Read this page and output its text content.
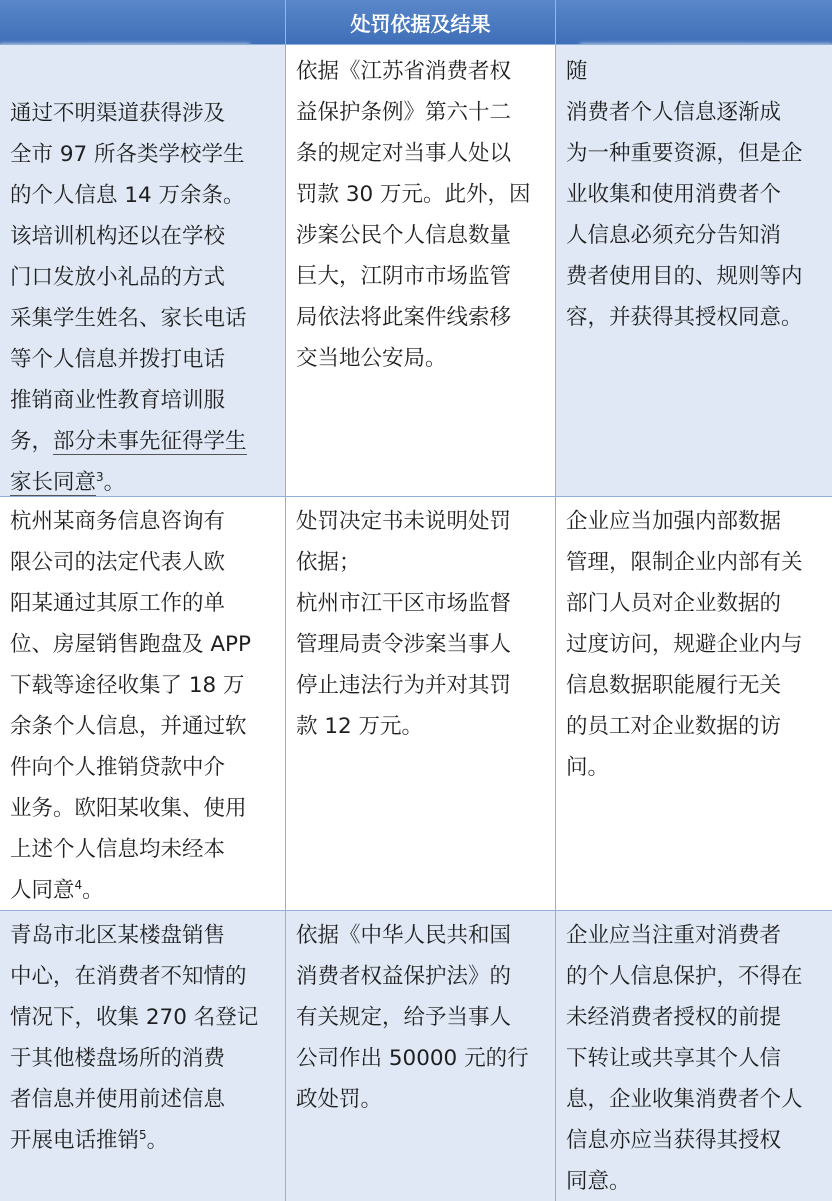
处罚依据及结果
通过不明渠道获得涉及
全市 97 所各类学校学生
的个人信息 14 万余条。
该培训机构还以在学校
门口发放小礼品的方式
采集学生姓名、家长电话
等个人信息并拨打电话
推销商业性教育培训服
务，部分未事先征得学生
家长同意$^3$。
依据《江苏省消费者权
益保护条例》第六十二
条的规定对当事人处以
罚款 30 万元。此外，因
涉案公民个人信息数量
巨大，江阴市市场监管
局依法将此案件线索移
交当地公安局。
随
消费者个人信息逐渐成
为一种重要资源，但是企
业收集和使用消费者个
人信息必须充分告知消
费者使用目的、规则等内
容，并获得其授权同意。
杭州某商务信息咨询有
限公司的法定代表人欧
阳某通过其原工作的单
位、房屋销售跑盘及 APP
下载等途径收集了 18 万
余条个人信息，并通过软
件向个人推销贷款中介
业务。欧阳某收集、使用
上述个人信息均未经本
人同意$^4$。
处罚决定书未说明处罚
依据；
杭州市江干区市场监督
管理局责令涉案当事人
停止违法行为并对其罚
款 12 万元。
企业应当加强内部数据
管理，限制企业内部有关
部门人员对企业数据的
过度访问，规避企业内与
信息数据职能履行无关
的员工对企业数据的访
问。
青岛市北区某楼盘销售
中心，在消费者不知情的
情况下，收集 270 名登记
于其他楼盘场所的消费
者信息并使用前述信息
开展电话推销$^5$。
依据《中华人民共和国
消费者权益保护法》的
有关规定，给予当事人
公司作出 50000 元的行
政处罚。
企业应当注重对消费者
的个人信息保护，不得在
未经消费者授权的前提
下转让或共享其个人信
息，企业收集消费者个人
信息亦应当获得其授权
同意。
